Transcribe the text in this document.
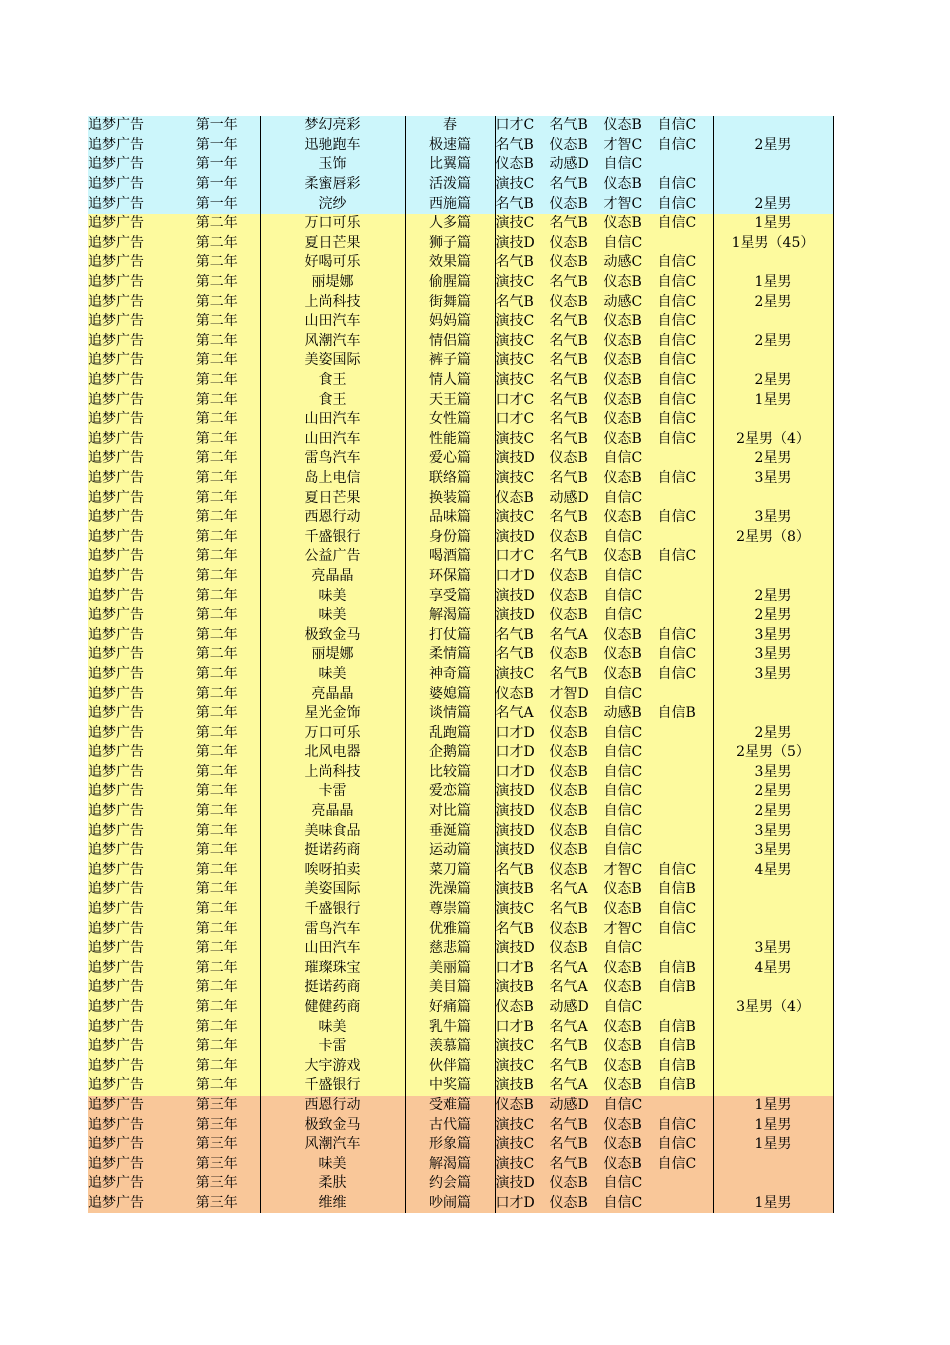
追梦广告	第一年	梦幻亮彩	春	口才C 名气B 仪态B 自信C	
追梦广告	第一年	迅驰跑车	极速篇	名气B 仪态B 才智C 自信C	2星男
追梦广告	第一年	玉饰	比翼篇	仪态B 动感D 自信C	
追梦广告	第一年	柔蜜唇彩	活泼篇	演技C 名气B 仪态B 自信C	
追梦广告	第一年	浣纱	西施篇	名气B 仪态B 才智C 自信C	2星男
追梦广告	第二年	万口可乐	人多篇	演技C 名气B 仪态B 自信C	1星男
追梦广告	第二年	夏日芒果	狮子篇	演技D 仪态B 自信C	1星男（45）
追梦广告	第二年	好喝可乐	效果篇	名气B 仪态B 动感C 自信C	
追梦广告	第二年	丽堤娜	偷腥篇	演技C 名气B 仪态B 自信C	1星男
追梦广告	第二年	上尚科技	街舞篇	名气B 仪态B 动感C 自信C	2星男
追梦广告	第二年	山田汽车	妈妈篇	演技C 名气B 仪态B 自信C	
追梦广告	第二年	风潮汽车	情侣篇	演技C 名气B 仪态B 自信C	2星男
追梦广告	第二年	美姿国际	裤子篇	演技C 名气B 仪态B 自信C	
追梦广告	第二年	食王	情人篇	演技C 名气B 仪态B 自信C	2星男
追梦广告	第二年	食王	天王篇	口才C 名气B 仪态B 自信C	1星男
追梦广告	第二年	山田汽车	女性篇	口才C 名气B 仪态B 自信C	
追梦广告	第二年	山田汽车	性能篇	演技C 名气B 仪态B 自信C	2星男（4）
追梦广告	第二年	雷鸟汽车	爱心篇	演技D 仪态B 自信C	2星男
追梦广告	第二年	岛上电信	联络篇	演技C 名气B 仪态B 自信C	3星男
追梦广告	第二年	夏日芒果	换装篇	仪态B 动感D 自信C	
追梦广告	第二年	西恩行动	品味篇	演技C 名气B 仪态B 自信C	3星男
追梦广告	第二年	千盛银行	身份篇	演技D 仪态B 自信C	2星男（8）
追梦广告	第二年	公益广告	喝酒篇	口才C 名气B 仪态B 自信C	
追梦广告	第二年	亮晶晶	环保篇	口才D 仪态B 自信C	
追梦广告	第二年	味美	享受篇	演技D 仪态B 自信C	2星男
追梦广告	第二年	味美	解渴篇	演技D 仪态B 自信C	2星男
追梦广告	第二年	极致金马	打仗篇	名气B 名气A 仪态B 自信C	3星男
追梦广告	第二年	丽堤娜	柔情篇	名气B 仪态B 仪态B 自信C	3星男
追梦广告	第二年	味美	神奇篇	演技C 名气B 仪态B 自信C	3星男
追梦广告	第二年	亮晶晶	婆媳篇	仪态B 才智D 自信C	
追梦广告	第二年	星光金饰	谈情篇	名气A 仪态B 动感B 自信B	
追梦广告	第二年	万口可乐	乱跑篇	口才D 仪态B 自信C	2星男
追梦广告	第二年	北风电器	企鹅篇	口才D 仪态B 自信C	2星男（5）
追梦广告	第二年	上尚科技	比较篇	口才D 仪态B 自信C	3星男
追梦广告	第二年	卡雷	爱恋篇	演技D 仪态B 自信C	2星男
追梦广告	第二年	亮晶晶	对比篇	演技D 仪态B 自信C	2星男
追梦广告	第二年	美味食品	垂涎篇	演技D 仪态B 自信C	3星男
追梦广告	第二年	挺诺药商	运动篇	演技D 仪态B 自信C	3星男
追梦广告	第二年	唉呀拍卖	菜刀篇	名气B 仪态B 才智C 自信C	4星男
追梦广告	第二年	美姿国际	洗澡篇	演技B 名气A 仪态B 自信B	
追梦广告	第二年	千盛银行	尊崇篇	演技C 名气B 仪态B 自信C	
追梦广告	第二年	雷鸟汽车	优雅篇	名气B 仪态B 才智C 自信C	
追梦广告	第二年	山田汽车	慈悲篇	演技D 仪态B 自信C	3星男
追梦广告	第二年	璀璨珠宝	美丽篇	口才B 名气A 仪态B 自信B	4星男
追梦广告	第二年	挺诺药商	美目篇	演技B 名气A 仪态B 自信B	
追梦广告	第二年	健健药商	好痛篇	仪态B 动感D 自信C	3星男（4）
追梦广告	第二年	味美	乳牛篇	口才B 名气A 仪态B 自信B	
追梦广告	第二年	卡雷	羡慕篇	演技C 名气B 仪态B 自信B	
追梦广告	第二年	大宇游戏	伙伴篇	演技C 名气B 仪态B 自信B	
追梦广告	第二年	千盛银行	中奖篇	演技B 名气A 仪态B 自信B	
追梦广告	第三年	西恩行动	受难篇	仪态B 动感D 自信C	1星男
追梦广告	第三年	极致金马	古代篇	演技C 名气B 仪态B 自信C	1星男
追梦广告	第三年	风潮汽车	形象篇	演技C 名气B 仪态B 自信C	1星男
追梦广告	第三年	味美	解渴篇	演技C 名气B 仪态B 自信C	
追梦广告	第三年	柔肤	约会篇	演技D 仪态B 自信C	
追梦广告	第三年	维维	吵闹篇	口才D 仪态B 自信C	1星男
